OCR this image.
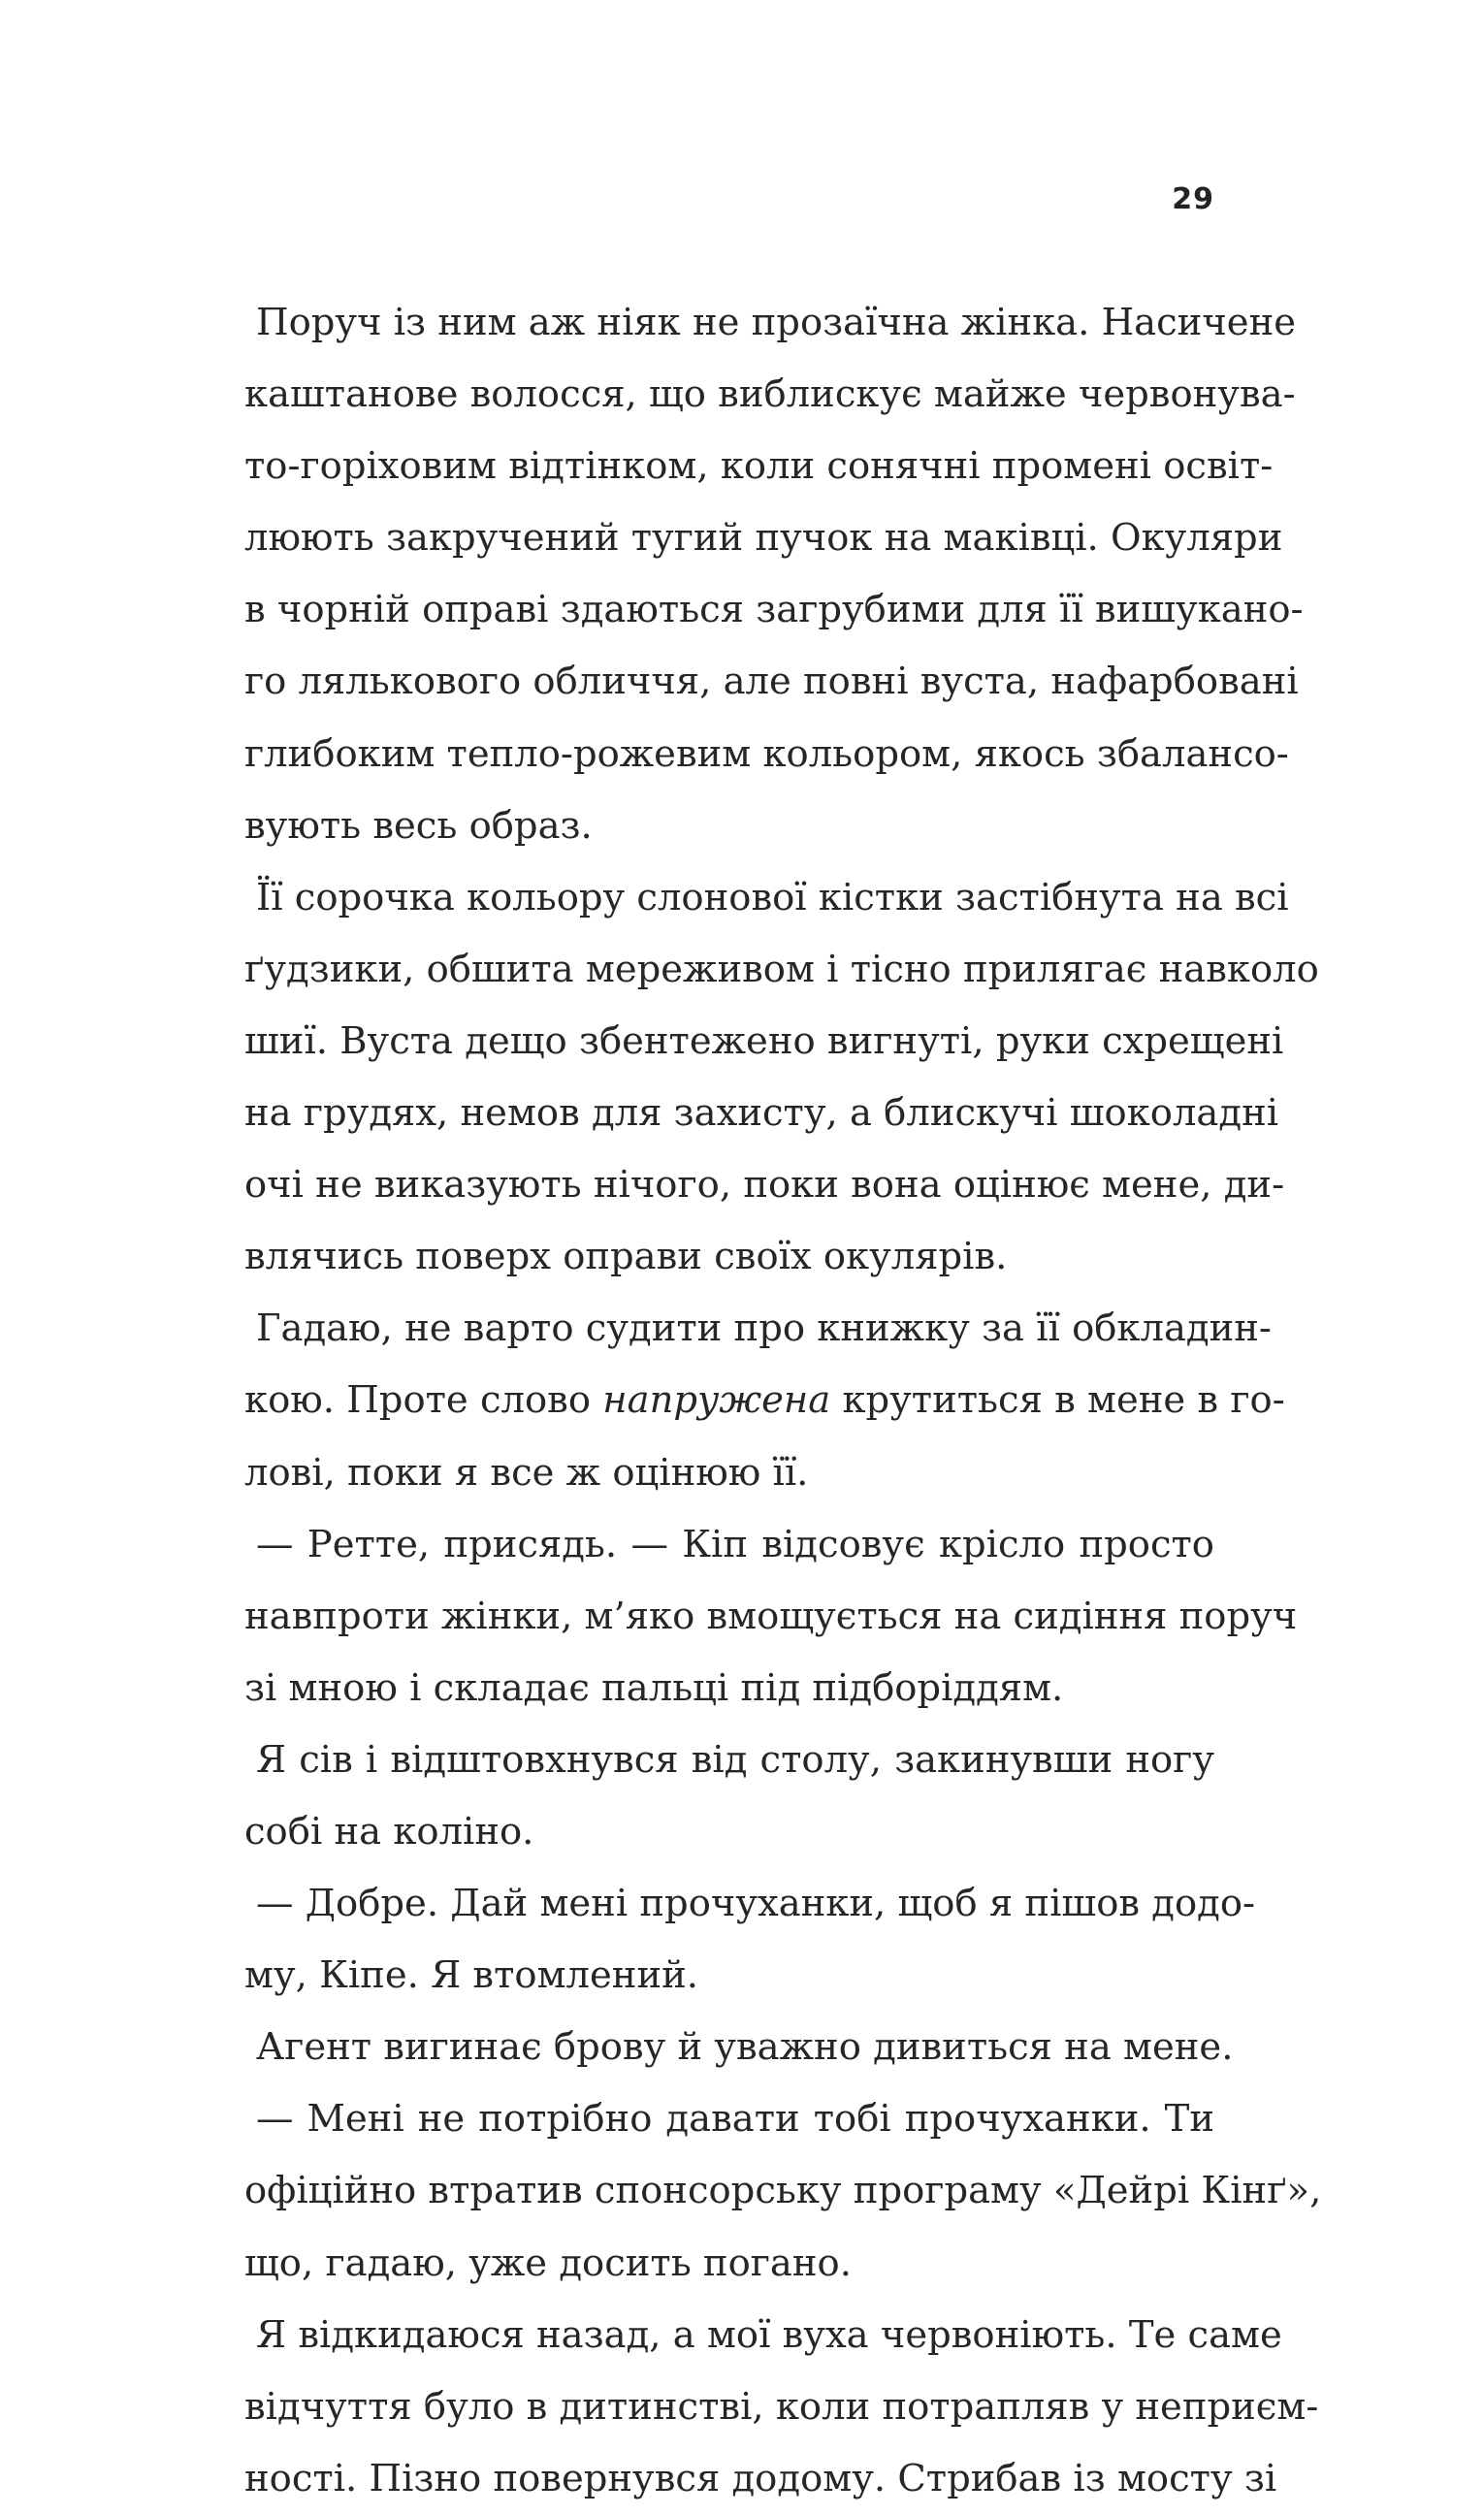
29
Поруч із ним аж ніяк не прозаїчна жінка. Насичене
каштанове волосся, що виблискує майже червонува-
то-горіховим відтінком, коли сонячні промені освіт-
люють закручений тугий пучок на маківці. Окуляри
в чорній оправі здаються загрубими для її вишукано-
го лялькового обличчя, але повні вуста, нафарбовані
глибоким тепло-рожевим кольором, якось збалансо-
вують весь образ.
Її сорочка кольору слонової кістки застібнута на всі
ґудзики, обшита мереживом і тісно прилягає навколо
шиї. Вуста дещо збентежено вигнуті, руки схрещені
на грудях, немов для захисту, а блискучі шоколадні
очі не виказують нічого, поки вона оцінює мене, ди-
влячись поверх оправи своїх окулярів.
Гадаю, не варто судити про книжку за її обкладин-
кою. Проте слово напружена крутиться в мене в го-
лові, поки я все ж оцінюю її.
— Ретте, присядь. — Кіп відсовує крісло просто
навпроти жінки, м’яко вмощується на сидіння поруч
зі мною і складає пальці під підборіддям.
Я сів і відштовхнувся від столу, закинувши ногу
собі на коліно.
— Добре. Дай мені прочуханки, щоб я пішов додо-
му, Кіпе. Я втомлений.
Агент вигинає брову й уважно дивиться на мене.
— Мені не потрібно давати тобі прочуханки. Ти
офіційно втратив спонсорську програму «Дейрі Кінґ»,
що, гадаю, уже досить погано.
Я відкидаюся назад, а мої вуха червоніють. Те саме
відчуття було в дитинстві, коли потрапляв у неприєм-
ності. Пізно повернувся додому. Стрибав із мосту зі
